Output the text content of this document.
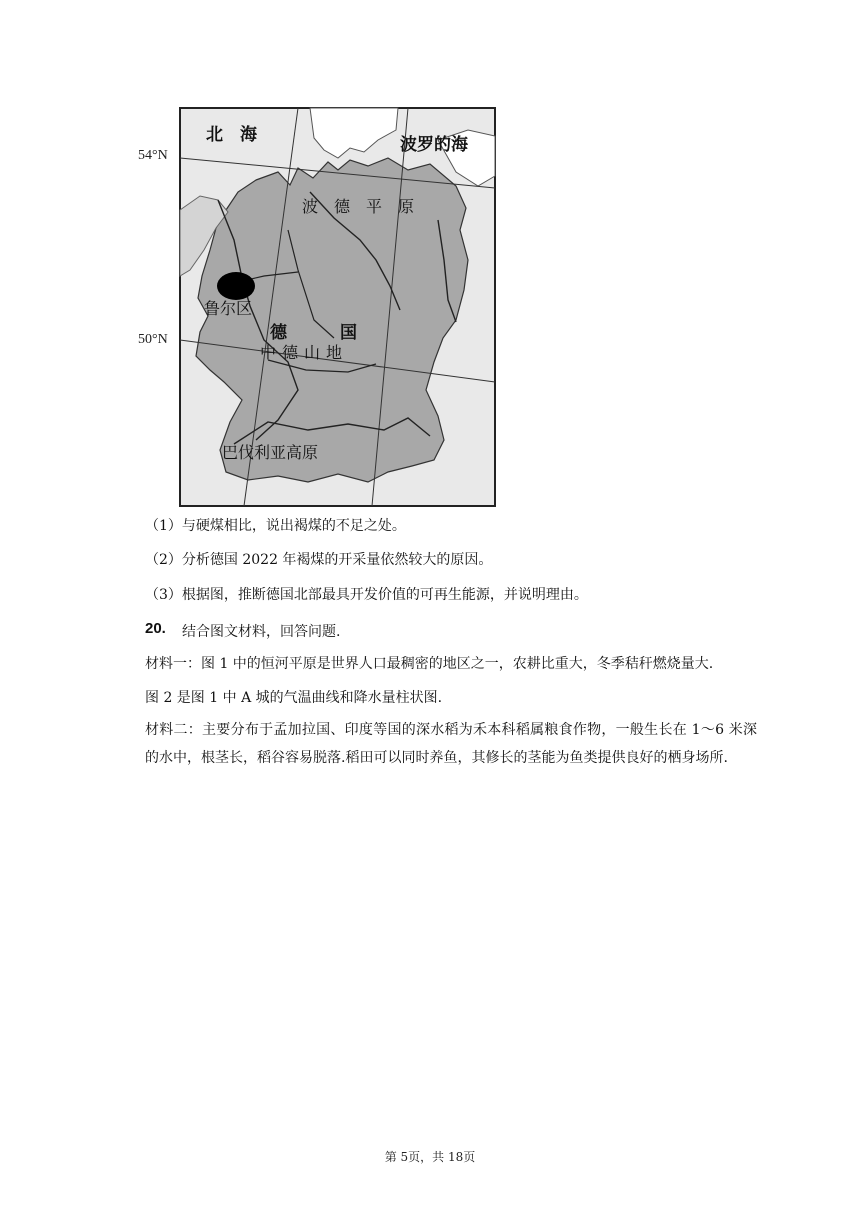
北　海	波罗的海
波　德　平　原
鲁尔区
德	国
中德山地
巴伐利亚高原
54°N
50°N
（1）与硬煤相比，说出褐煤的不足之处。
（2）分析德国 2022 年褐煤的开采量依然较大的原因。
（3）根据图，推断德国北部最具开发价值的可再生能源，并说明理由。
20. 结合图文材料，回答问题.
材料一：图 1 中的恒河平原是世界人口最稠密的地区之一，农耕比重大，冬季秸秆燃烧量大.
图 2 是图 1 中 A 城的气温曲线和降水量柱状图.
材料二：主要分布于孟加拉国、印度等国的深水稻为禾本科稻属粮食作物，一般生长在 1～6 米深的水中，根茎长，稻谷容易脱落.稻田可以同时养鱼，其修长的茎能为鱼类提供良好的栖身场所.
第 5页，共 18页
